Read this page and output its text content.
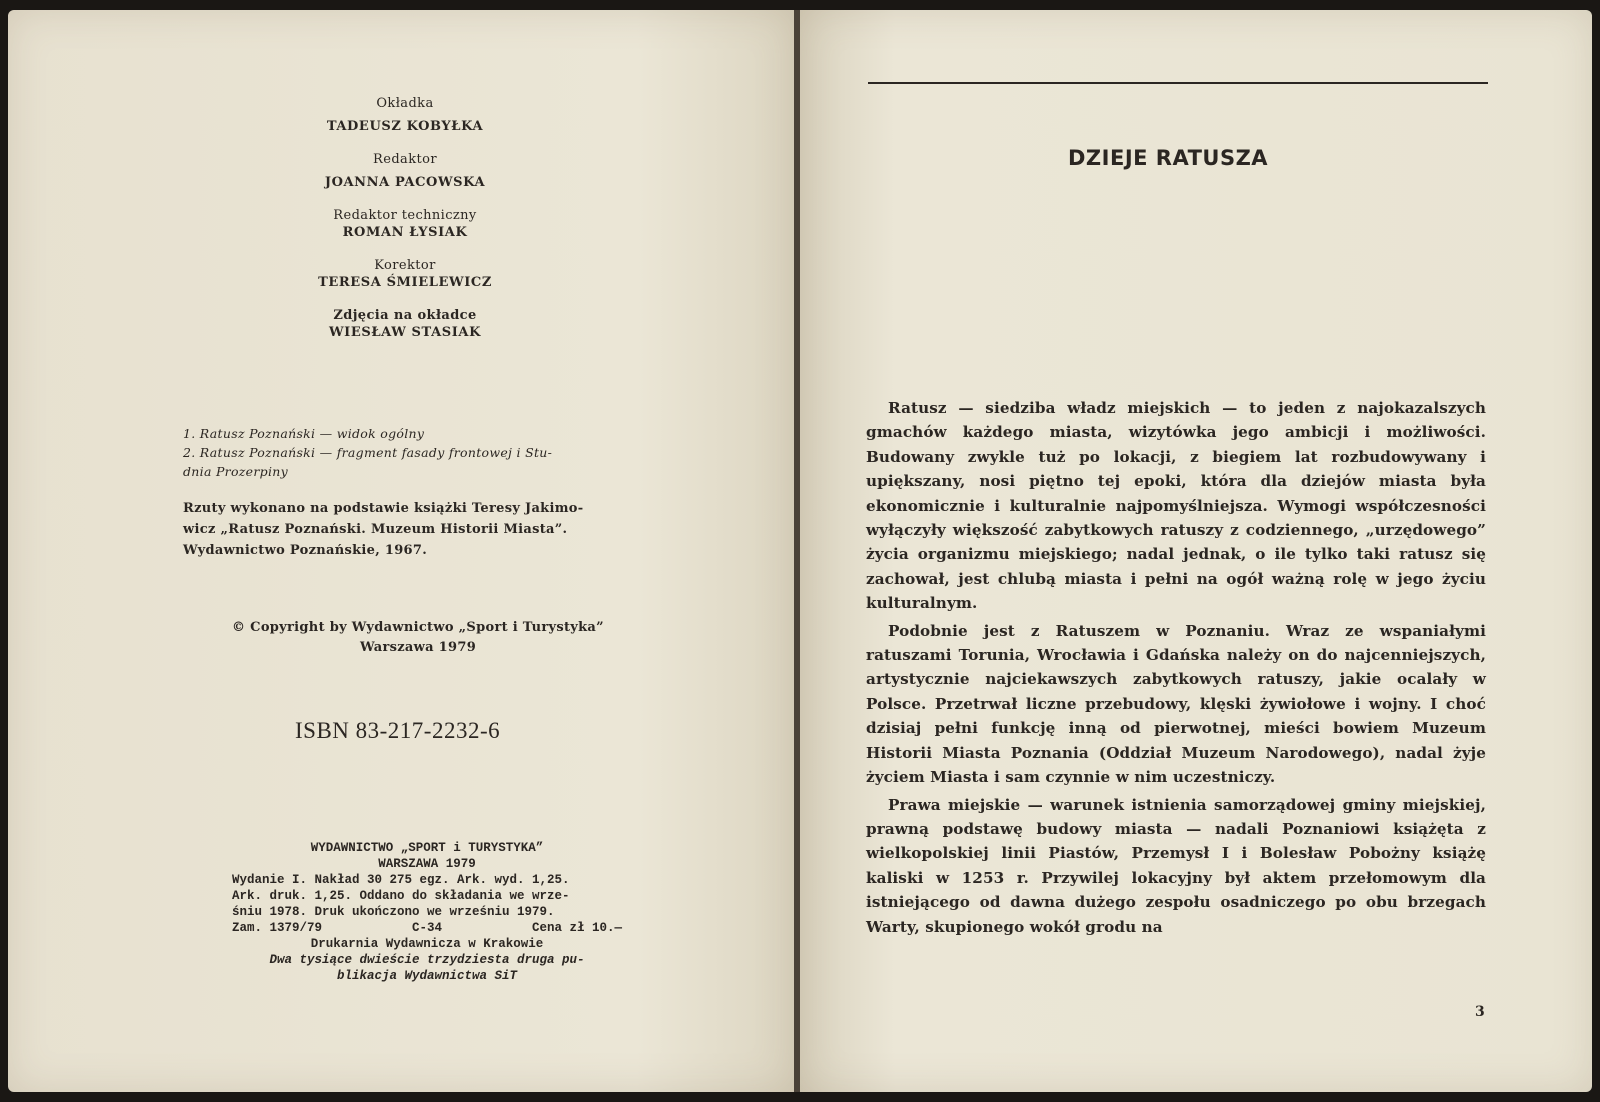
Okładka
TADEUSZ KOBYŁKA
Redaktor
JOANNA PACOWSKA
Redaktor techniczny
ROMAN ŁYSIAK
Korektor
TERESA ŚMIELEWICZ
Zdjęcia na okładce
WIESŁAW STASIAK
1. Ratusz Poznański — widok ogólny
2. Ratusz Poznański — fragment fasady frontowej i Stu-
dnia Prozerpiny
Rzuty wykonano na podstawie książki Teresy Jakimo-
wicz „Ratusz Poznański. Muzeum Historii Miasta”.
Wydawnictwo Poznańskie, 1967.
© Copyright by Wydawnictwo „Sport i Turystyka”
Warszawa 1979
ISBN 83-217-2232-6
WYDAWNICTWO „SPORT i TURYSTYKA”
WARSZAWA 1979
Wydanie I. Nakład 30 275 egz. Ark. wyd. 1,25.
Ark. druk. 1,25. Oddano do składania we wrze-
śniu 1978. Druk ukończono we wrześniu 1979.
Zam. 1379/79	C-34	Cena zł 10.—
Drukarnia Wydawnicza w Krakowie
Dwa tysiące dwieście trzydziesta druga pu-
blikacja Wydawnictwa SiT
DZIEJE RATUSZA

Ratusz — siedziba władz miejskich — to jeden z najokazalszych gmachów każdego miasta, wizytówka jego ambicji i możliwości. Budowany zwykle tuż po lokacji, z biegiem lat rozbudowywany i upiększany, nosi piętno tej epoki, która dla dziejów miasta była ekonomicznie i kulturalnie najpomyślniejsza. Wymogi współczesności wyłączyły większość zabytkowych ratuszy z codziennego, „urzędowego” życia organizmu miejskiego; nadal jednak, o ile tylko taki ratusz się zachował, jest chlubą miasta i pełni na ogół ważną rolę w jego życiu kulturalnym.

Podobnie jest z Ratuszem w Poznaniu. Wraz ze wspaniałymi ratuszami Torunia, Wrocławia i Gdańska należy on do najcenniejszych, artystycznie najciekawszych zabytkowych ratuszy, jakie ocalały w Polsce. Przetrwał liczne przebudowy, klęski żywiołowe i wojny. I choć dzisiaj pełni funkcję inną od pierwotnej, mieści bowiem Muzeum Historii Miasta Poznania (Oddział Muzeum Narodowego), nadal żyje życiem Miasta i sam czynnie w nim uczestniczy.

Prawa miejskie — warunek istnienia samorządowej gminy miejskiej, prawną podstawę budowy miasta — nadali Poznaniowi książęta z wielkopolskiej linii Piastów, Przemysł I i Bolesław Pobożny książę kaliski w 1253 r. Przywilej lokacyjny był aktem przełomowym dla istniejącego od dawna dużego zespołu osadniczego po obu brzegach Warty, skupionego wokół grodu na

3
